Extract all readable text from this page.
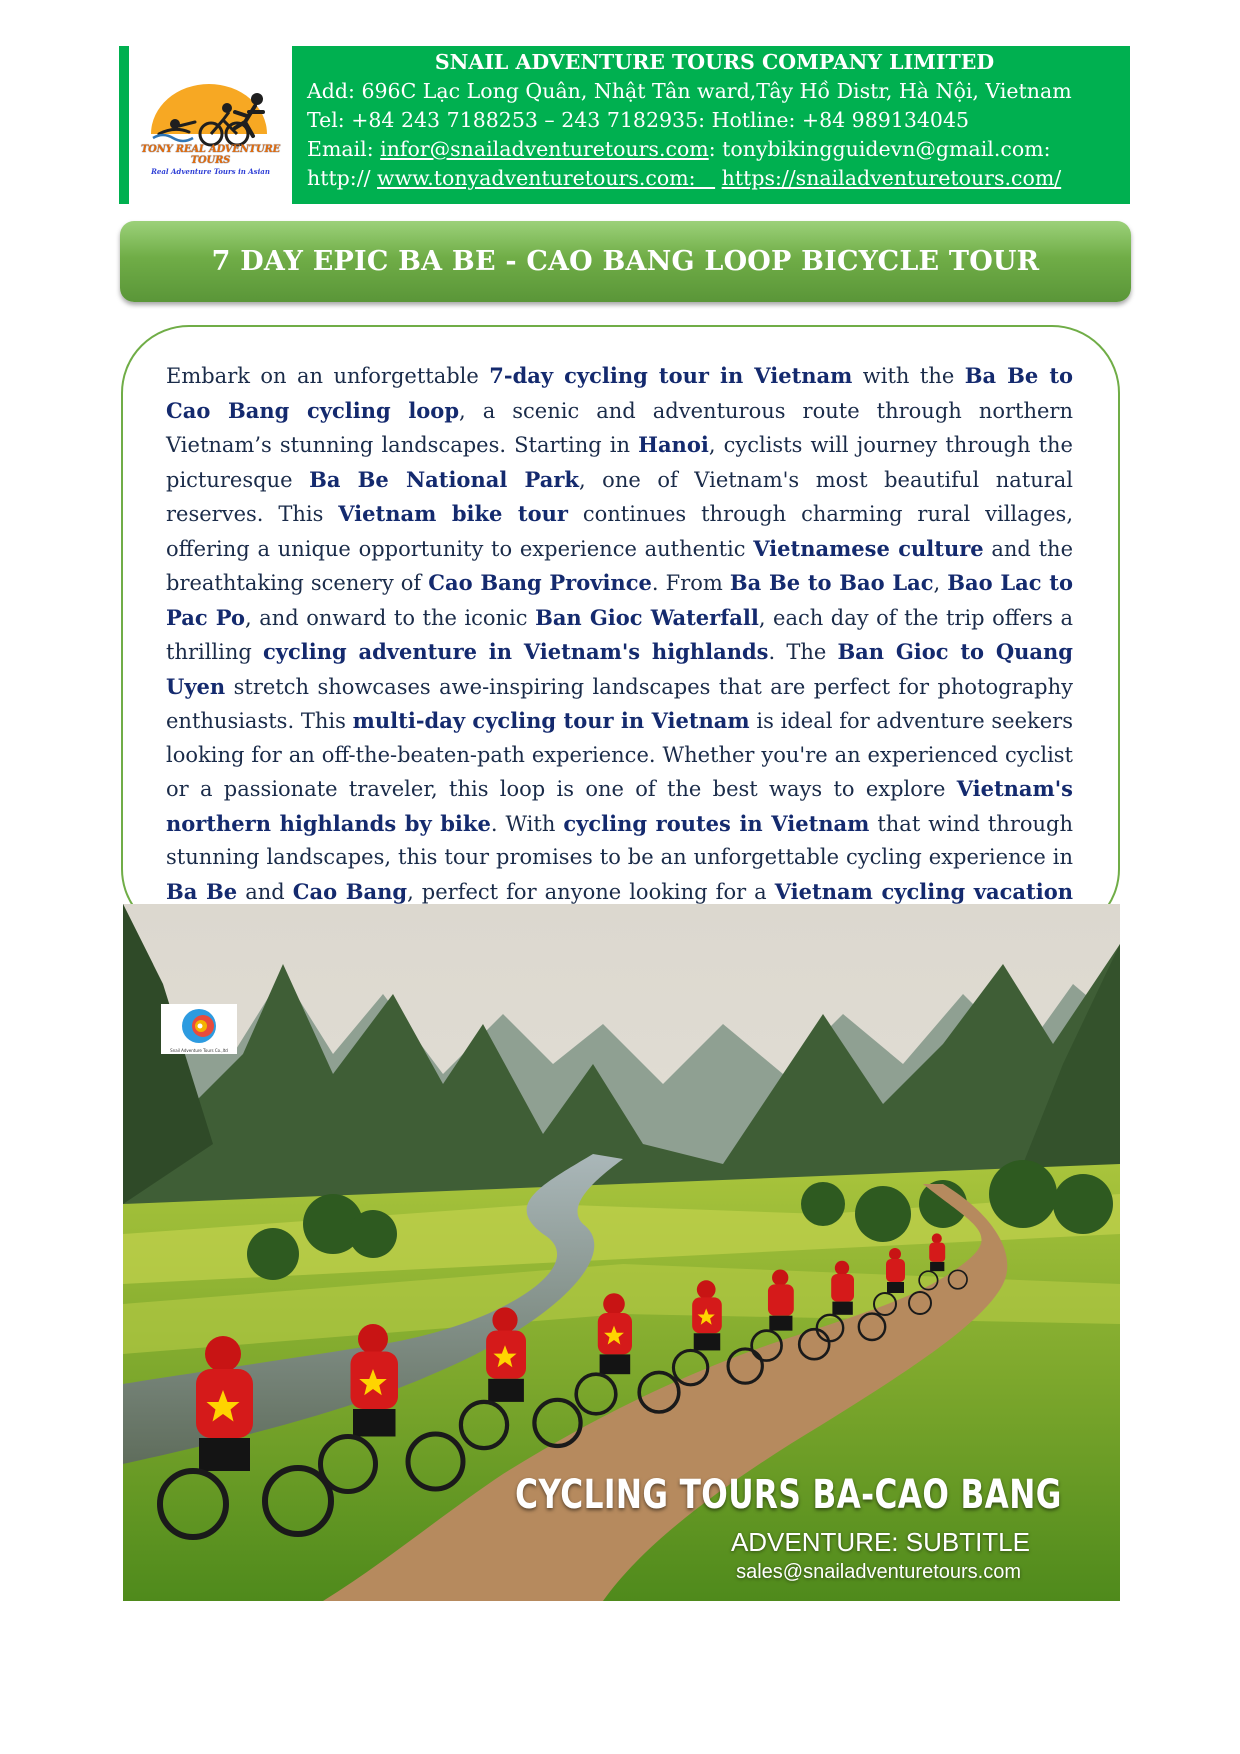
TONY REAL ADVENTURE TOURS
Real Adventure Tours in Asian
SNAIL ADVENTURE TOURS COMPANY LIMITED
Add: 696C Lạc Long Quân, Nhật Tân ward,Tây Hồ Distr, Hà Nội, Vietnam
Tel: +84 243 7188253 – 243 7182935: Hotline: +84 989134045
Email: infor@snailadventuretours.com: tonybikingguidevn@gmail.com:
http:// www.tonyadventuretours.com:    https://snailadventuretours.com/
7 DAY EPIC BA BE - CAO BANG LOOP BICYCLE TOUR
Embark on an unforgettable 7-day cycling tour in Vietnam with the Ba Be to Cao Bang cycling loop, a scenic and adventurous route through northern Vietnam’s stunning landscapes. Starting in Hanoi, cyclists will journey through the picturesque Ba Be National Park, one of Vietnam's most beautiful natural reserves. This Vietnam bike tour continues through charming rural villages, offering a unique opportunity to experience authentic Vietnamese culture and the breathtaking scenery of Cao Bang Province. From Ba Be to Bao Lac, Bao Lac to Pac Po, and onward to the iconic Ban Gioc Waterfall, each day of the trip offers a thrilling cycling adventure in Vietnam's highlands. The Ban Gioc to Quang Uyen stretch showcases awe-inspiring landscapes that are perfect for photography enthusiasts. This multi-day cycling tour in Vietnam is ideal for adventure seekers looking for an off-the-beaten-path experience. Whether you're an experienced cyclist or a passionate traveler, this loop is one of the best ways to explore Vietnam's northern highlands by bike. With cycling routes in Vietnam that wind through stunning landscapes, this tour promises to be an unforgettable cycling experience in Ba Be and Cao Bang, perfect for anyone looking for a Vietnam cycling vacation
Snail Adventure Tours Co.,ltd
CYCLING TOURS BA-CAO BANG
ADVENTURE: SUBTITLE
sales@snailadventuretours.com
